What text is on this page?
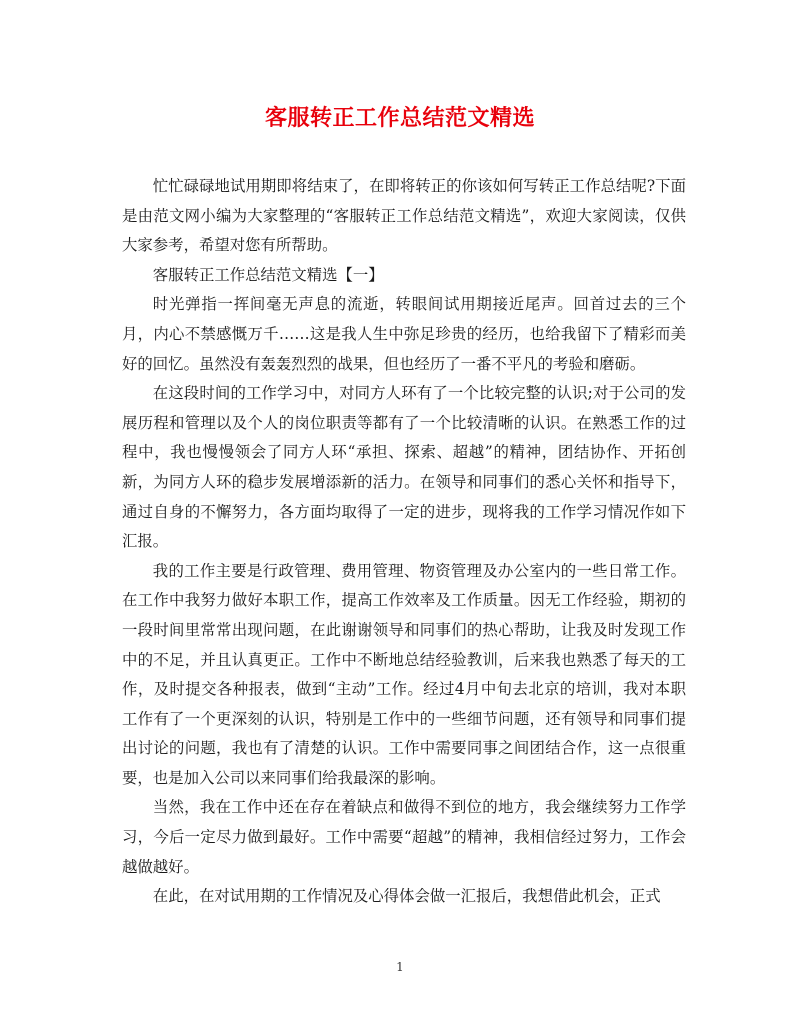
客服转正工作总结范文精选

忙忙碌碌地试用期即将结束了，在即将转正的你该如何写转正工作总结呢?下面是由范文网小编为大家整理的“客服转正工作总结范文精选”，欢迎大家阅读，仅供大家参考，希望对您有所帮助。

客服转正工作总结范文精选【一】

时光弹指一挥间毫无声息的流逝，转眼间试用期接近尾声。回首过去的三个月，内心不禁感慨万千……这是我人生中弥足珍贵的经历，也给我留下了精彩而美好的回忆。虽然没有轰轰烈烈的战果，但也经历了一番不平凡的考验和磨砺。

在这段时间的工作学习中，对同方人环有了一个比较完整的认识;对于公司的发展历程和管理以及个人的岗位职责等都有了一个比较清晰的认识。在熟悉工作的过程中，我也慢慢领会了同方人环“承担、探索、超越”的精神，团结协作、开拓创新，为同方人环的稳步发展增添新的活力。在领导和同事们的悉心关怀和指导下，通过自身的不懈努力，各方面均取得了一定的进步，现将我的工作学习情况作如下汇报。

我的工作主要是行政管理、费用管理、物资管理及办公室内的一些日常工作。在工作中我努力做好本职工作，提高工作效率及工作质量。因无工作经验，期初的一段时间里常常出现问题，在此谢谢领导和同事们的热心帮助，让我及时发现工作中的不足，并且认真更正。工作中不断地总结经验教训，后来我也熟悉了每天的工作，及时提交各种报表，做到“主动”工作。经过4月中旬去北京的培训，我对本职工作有了一个更深刻的认识，特别是工作中的一些细节问题，还有领导和同事们提出讨论的问题，我也有了清楚的认识。工作中需要同事之间团结合作，这一点很重要，也是加入公司以来同事们给我最深的影响。

当然，我在工作中还在存在着缺点和做得不到位的地方，我会继续努力工作学习，今后一定尽力做到最好。工作中需要“超越”的精神，我相信经过努力，工作会越做越好。

在此，在对试用期的工作情况及心得体会做一汇报后，我想借此机会，正式

1
